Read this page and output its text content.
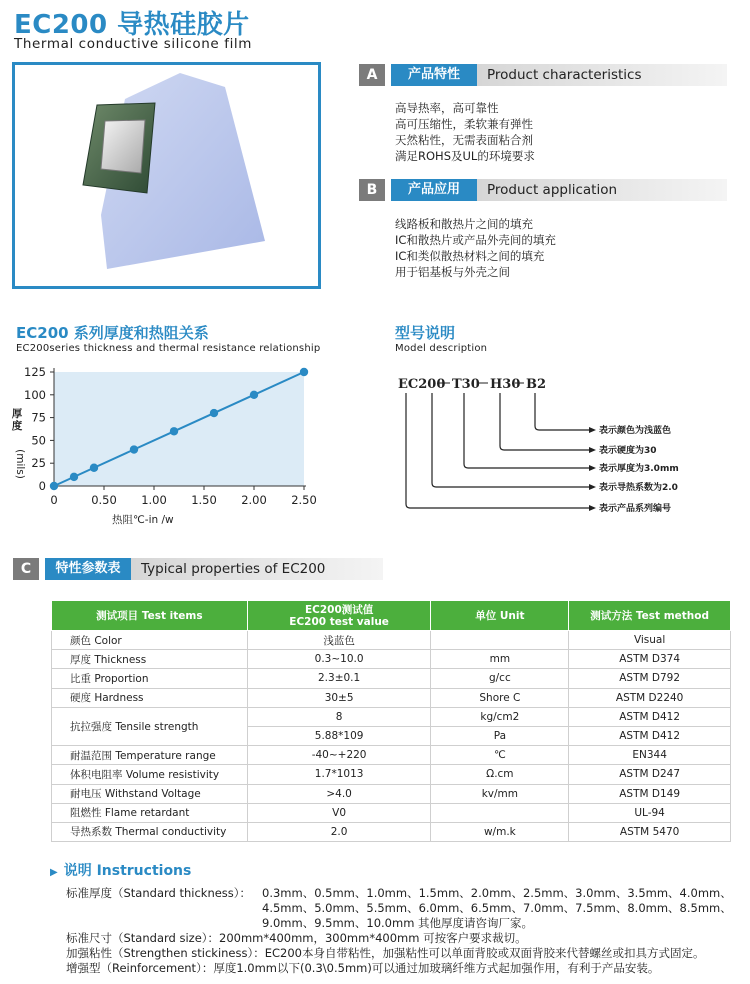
EC200 导热硅胶片
Thermal conductive silicone film
A	产品特性	Product characteristics
高导热率，高可靠性
高可压缩性，柔软兼有弹性
天然粘性，无需表面粘合剂
满足ROHS及UL的环境要求
B	产品应用	Product application
线路板和散热片之间的填充
IC和散热片或产品外壳间的填充
IC和类似散热材料之间的填充
用于铝基板与外壳之间
EC200 系列厚度和热阻关系
EC200series thickness and thermal resistance relationship
0
25
50
75
100
125
0	0.50 1.00 1.50 2.00 2.50
热阻℃-in /w
厚
度
(mils)
型号说明
Model description
EC200 T30 H30 B2
表示颜色为浅蓝色
表示硬度为30
表示厚度为3.0mm
表示导热系数为2.0
表示产品系列编号
C	特性参数表	Typical properties of EC200
测试项目 Test items	EC200测试值
EC200 test value	单位 Unit	测试方法 Test method
颜色 Color	浅蓝色		Visual
厚度 Thickness	0.3~10.0	mm	ASTM D374
比重 Proportion	2.3±0.1	g/cc	ASTM D792
硬度 Hardness	30±5	Shore C	ASTM D2240
抗拉强度 Tensile strength	8	kg/cm2	ASTM D412
	5.88*109	Pa	ASTM D412
耐温范围 Temperature range	-40~+220	℃	EN344
体积电阻率 Volume resistivity	1.7*1013	Ω.cm	ASTM D247
耐电压 Withstand Voltage	>4.0	kv/mm	ASTM D149
阻燃性 Flame retardant	V0		UL-94
导热系数 Thermal conductivity	2.0	w/m.k	ASTM 5470
▶ 说明 Instructions
标准厚度（Standard thickness）： 0.3mm、0.5mm、1.0mm、1.5mm、2.0mm、2.5mm、3.0mm、3.5mm、4.0mm、
4.5mm、5.0mm、5.5mm、6.0mm、6.5mm、7.0mm、7.5mm、8.0mm、8.5mm、
9.0mm、9.5mm、10.0mm 其他厚度请咨询厂家。
标准尺寸（Standard size）：200mm*400mm，300mm*400mm 可按客户要求裁切。
加强粘性（Strengthen stickiness）：EC200本身自带粘性，加强粘性可以单面背胶或双面背胶来代替螺丝或扣具方式固定。
增强型（Reinforcement）：厚度1.0mm以下(0.3\0.5mm)可以通过加玻璃纤维方式起加强作用，有利于产品安装。
